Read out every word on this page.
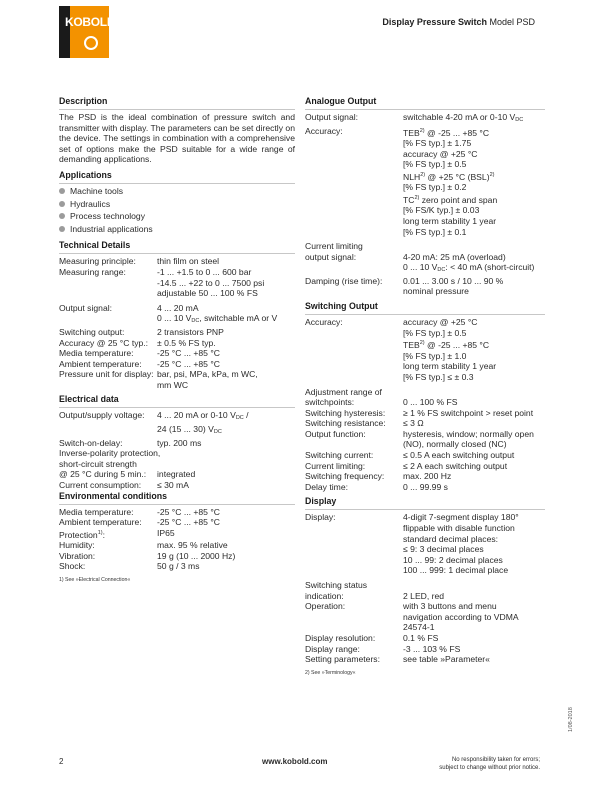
KOBOLD	Display Pressure Switch Model PSD
Description

The PSD is the ideal combination of pressure switch and transmitter with display. The parameters can be set directly on the device. The settings in combination with a comprehensive set of options make the PSD suitable for a wide range of demanding applications.

Applications
Machine tools
Hydraulics
Process technology
Industrial applications
Technical Details
Measuring principle:	thin film on steel
Measuring range:	-1 ... +1.5 to 0 ... 600 bar
-14.5 ... +22 to 0 ... 7500 psi
adjustable 50 ... 100 % FS
Output signal:	4 ... 20 mA
0 ... 10 $V_{DC}$, switchable mA or V
Switching output:	2 transistors PNP
Accuracy @ 25 °C typ.:	± 0.5 % FS typ.
Media temperature:	-25 °C ... +85 °C
Ambient temperature:	-25 °C ... +85 °C
Pressure unit for display: bar, psi, MPa, kPa, m WC,
mm WC
Electrical data
Output/supply voltage:	4 ... 20 mA or 0-10 $V_{DC}$ /
24 (15 ... 30) $V_{DC}$
Switch-on-delay:	typ. 200 ms
Inverse-polarity protection,
short-circuit strength
@ 25 °C during 5 min.:	integrated
Current consumption:	≤ 30 mA
Environmental conditions
Media temperature:	-25 °C ... +85 °C
Ambient temperature:	-25 °C ... +85 °C
Protection$^{1)}$:	IP65
Humidity:	max. 95 % relative
Vibration:	19 g (10 ... 2000 Hz)
Shock:	50 g / 3 ms
1) See »Electrical Connection«
Analogue Output
Output signal:	switchable 4-20 mA or 0-10 $V_{DC}$
Accuracy:	TEB$^{2)}$ @ -25 ... +85 °C
[% FS typ.] ± 1.75
accuracy @ +25 °C
[% FS typ.] ± 0.5
NLH$^{2)}$ @ +25 °C (BSL)$^{2)}$
[% FS typ.] ± 0.2
TC$^{2)}$ zero point and span
[% FS/K typ.] ± 0.03
long term stability 1 year
[% FS typ.] ± 0.1
Current limiting
output signal:	4-20 mA: 25 mA (overload)
0 ... 10 $V_{DC}$: < 40 mA (short-circuit)
Damping (rise time):	0.01 ... 3.00 s / 10 ... 90 %
nominal pressure
Switching Output
Accuracy:	accuracy @ +25 °C
[% FS typ.] ± 0.5
TEB$^{2)}$ @ -25 ... +85 °C
[% FS typ.] ± 1.0
long term stability 1 year
[% FS typ.] ≤ ± 0.3
Adjustment range of
switchpoints:	0 ... 100 % FS
Switching hysteresis:	≥ 1 % FS switchpoint > reset point
Switching resistance:	≤ 3 Ω
Output function:	hysteresis, window; normally open
(NO), normally closed (NC)
Switching current:	≤ 0.5 A each switching output
Current limiting:	≤ 2 A each switching output
Switching frequency:	max. 200 Hz
Delay time:	0 ... 99.99 s
Display
Display:	4-digit 7-segment display 180°
flippable with disable function
standard decimal places:
≤ 9: 3 decimal places
10 ... 99: 2 decimal places
100 ... 999: 1 decimal place
Switching status
indication:	2 LED, red
Operation:	with 3 buttons and menu
navigation according to VDMA
24574-1
Display resolution:	0.1 % FS
Display range:	-3 ... 103 % FS
Setting parameters:	see table »Parameter«
2) See »Terminology«
2	www.kobold.com	No responsibility taken for errors;
subject to change without prior notice.
1/08-2018
